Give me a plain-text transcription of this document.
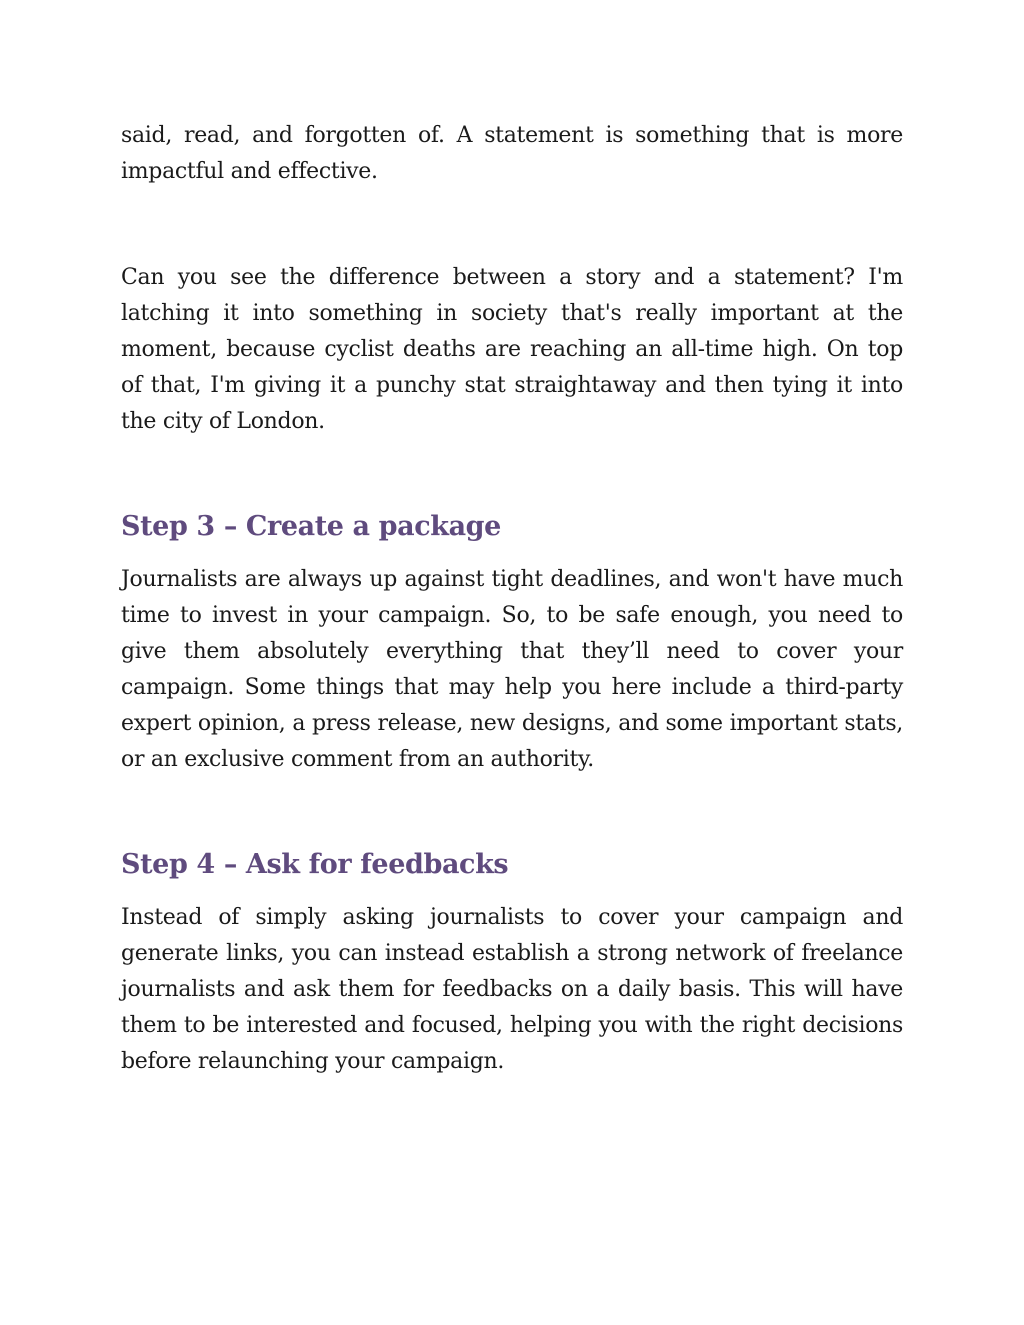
said, read, and forgotten of. A statement is something that is more impactful and effective.

Can you see the difference between a story and a statement? I'm latching it into something in society that's really important at the moment, because cyclist deaths are reaching an all-time high. On top of that, I'm giving it a punchy stat straightaway and then tying it into the city of London.

Step 3 – Create a package

Journalists are always up against tight deadlines, and won't have much time to invest in your campaign. So, to be safe enough, you need to give them absolutely everything that they’ll need to cover your campaign. Some things that may help you here include a third-party expert opinion, a press release, new designs, and some important stats, or an exclusive comment from an authority.

Step 4 – Ask for feedbacks

Instead of simply asking journalists to cover your campaign and generate links, you can instead establish a strong network of freelance journalists and ask them for feedbacks on a daily basis. This will have them to be interested and focused, helping you with the right decisions before relaunching your campaign.
